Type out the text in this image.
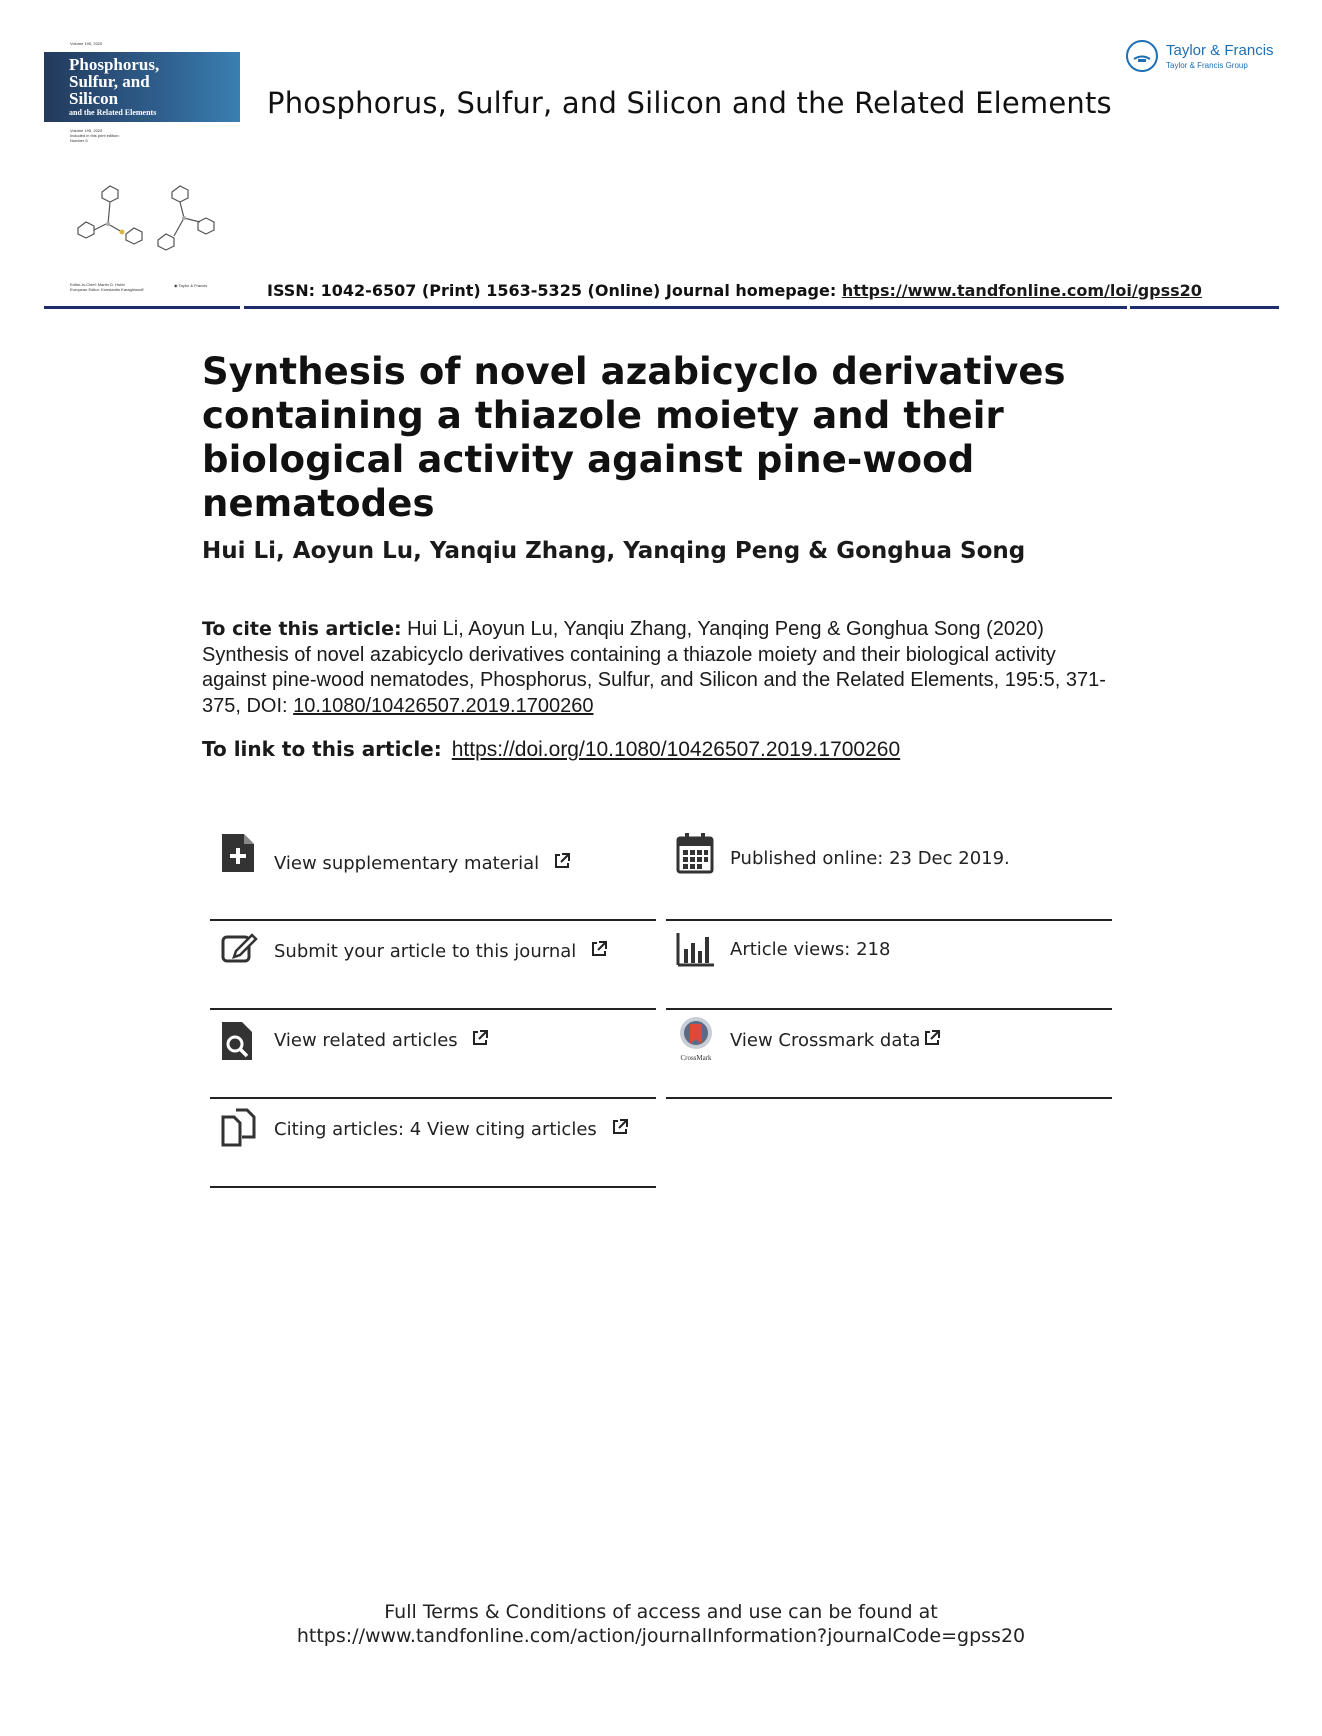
Volume 195, 2020
Phosphorus,
Sulfur, and
Silicon
and the Related Elements
Volume 195, 2020
Included in this print edition:
Number 5
Editor-in-Chief: Martin D. Hubb
European Editor: Konstantin Karaghiosoff
◉ Taylor & Francis
Phosphorus, Sulfur, and Silicon and the Related Elements
Taylor & Francis
Taylor & Francis Group
ISSN: 1042-6507 (Print) 1563-5325 (Online) Journal homepage: https://www.tandfonline.com/loi/gpss20
Synthesis of novel azabicyclo derivatives containing a thiazole moiety and their biological activity against pine-wood nematodes
Hui Li, Aoyun Lu, Yanqiu Zhang, Yanqing Peng & Gonghua Song
To cite this article: Hui Li, Aoyun Lu, Yanqiu Zhang, Yanqing Peng & Gonghua Song (2020) Synthesis of novel azabicyclo derivatives containing a thiazole moiety and their biological activity against pine-wood nematodes, Phosphorus, Sulfur, and Silicon and the Related Elements, 195:5, 371-375, DOI: 10.1080/10426507.2019.1700260
To link to this article: https://doi.org/10.1080/10426507.2019.1700260
View supplementary material
Submit your article to this journal
View related articles
Citing articles: 4 View citing articles
Published online: 23 Dec 2019.
Article views: 218
CrossMark
View Crossmark data
Full Terms & Conditions of access and use can be found at
https://www.tandfonline.com/action/journalInformation?journalCode=gpss20
